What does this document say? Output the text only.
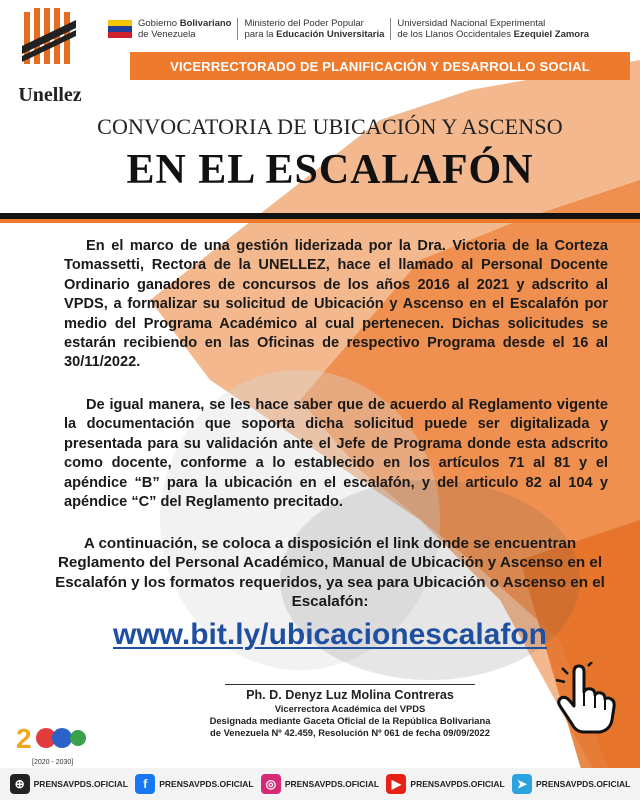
Unellez
Gobierno Bolivariano
de Venezuela
Ministerio del Poder Popular
para la Educación Universitaria
Universidad Nacional Experimental
de los Llanos Occidentales Ezequiel Zamora
VICERRECTORADO DE PLANIFICACIÓN Y DESARROLLO SOCIAL
CONVOCATORIA DE UBICACIÓN Y ASCENSO
EN EL ESCALAFÓN
En el marco de una gestión liderizada por la Dra. Victoria de la Corteza Tomassetti, Rectora de la UNELLEZ, hace el llamado al Personal Docente Ordinario ganadores de concursos de los años 2016 al 2021 y adscrito al VPDS, a formalizar su solicitud de Ubicación y Ascenso en el Escalafón por medio del Programa Académico al cual pertenecen. Dichas solicitudes se estarán recibiendo en las Oficinas de respectivo Programa desde el 16 al 30/11/2022.
De igual manera, se les hace saber que de acuerdo al Reglamento vigente la documentación que soporta dicha solicitud puede ser digitalizada y presentada para su validación ante el Jefe de Programa donde esta adscrito como docente, conforme a lo establecido en los artículos 71 al 81 y el apéndice “B” para la ubicación en el escalafón, y del articulo 82 al 104 y apéndice “C” del Reglamento precitado.
A continuación, se coloca a disposición el link donde se encuentran Reglamento del Personal Académico, Manual de Ubicación y Ascenso en el Escalafón y los formatos requeridos, ya sea para Ubicación o Ascenso en el Escalafón:
www.bit.ly/ubicacionescalafon
Ph. D. Denyz Luz Molina Contreras
Vicerrectora Académica del VPDS
Designada mediante Gaceta Oficial de la República Bolivariana
de Venezuela Nº 42.459, Resolución Nº 061 de fecha 09/09/2022
2
[2020 - 2030]
⊕	PRENSAVPDS.OFICIAL	f	PRENSAVPDS.OFICIAL	◎	PRENSAVPDS.OFICIAL	▶	PRENSAVPDS.OFICIAL	➤	PRENSAVPDS.OFICIAL
